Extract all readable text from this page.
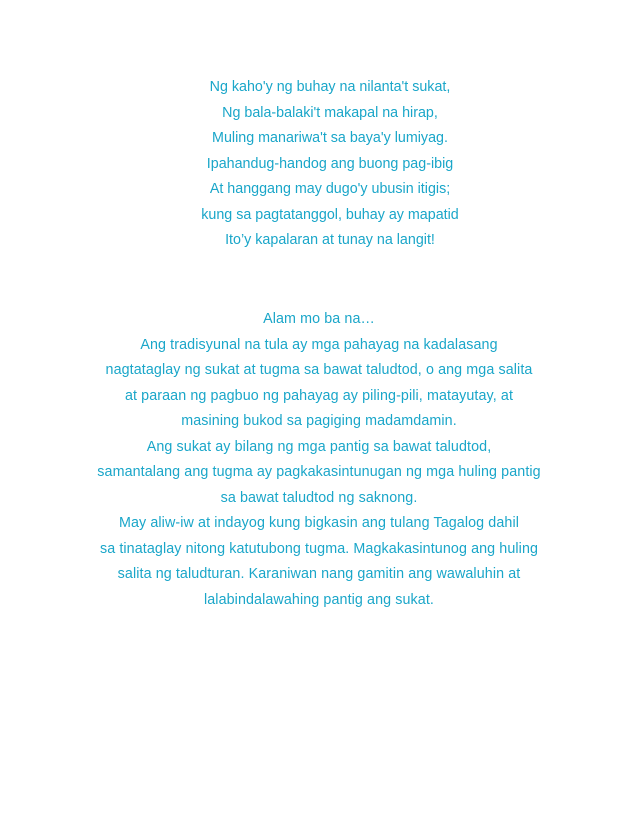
Ng kaho'y ng buhay na nilanta't sukat,
Ng bala-balaki't makapal na hirap,
Muling manariwa't sa baya'y lumiyag.
Ipahandug-handog ang buong pag-ibig
At hanggang may dugo'y ubusin itigis;
kung sa pagtatanggol, buhay ay mapatid
Ito’y kapalaran at tunay na langit!
Alam mo ba na…
Ang tradisyunal na tula ay mga pahayag na kadalasang
nagtataglay ng sukat at tugma sa bawat taludtod, o ang mga salita
at paraan ng pagbuo ng pahayag ay piling-pili, matayutay, at
masining bukod sa pagiging madamdamin.
Ang sukat ay bilang ng mga pantig sa bawat taludtod,
samantalang ang tugma ay pagkakasintunugan ng mga huling pantig
sa bawat taludtod ng saknong.
May aliw-iw at indayog kung bigkasin ang tulang Tagalog dahil
sa tinataglay nitong katutubong tugma. Magkakasintunog ang huling
salita ng taludturan. Karaniwan nang gamitin ang wawaluhin at
lalabindalawahing pantig ang sukat.
